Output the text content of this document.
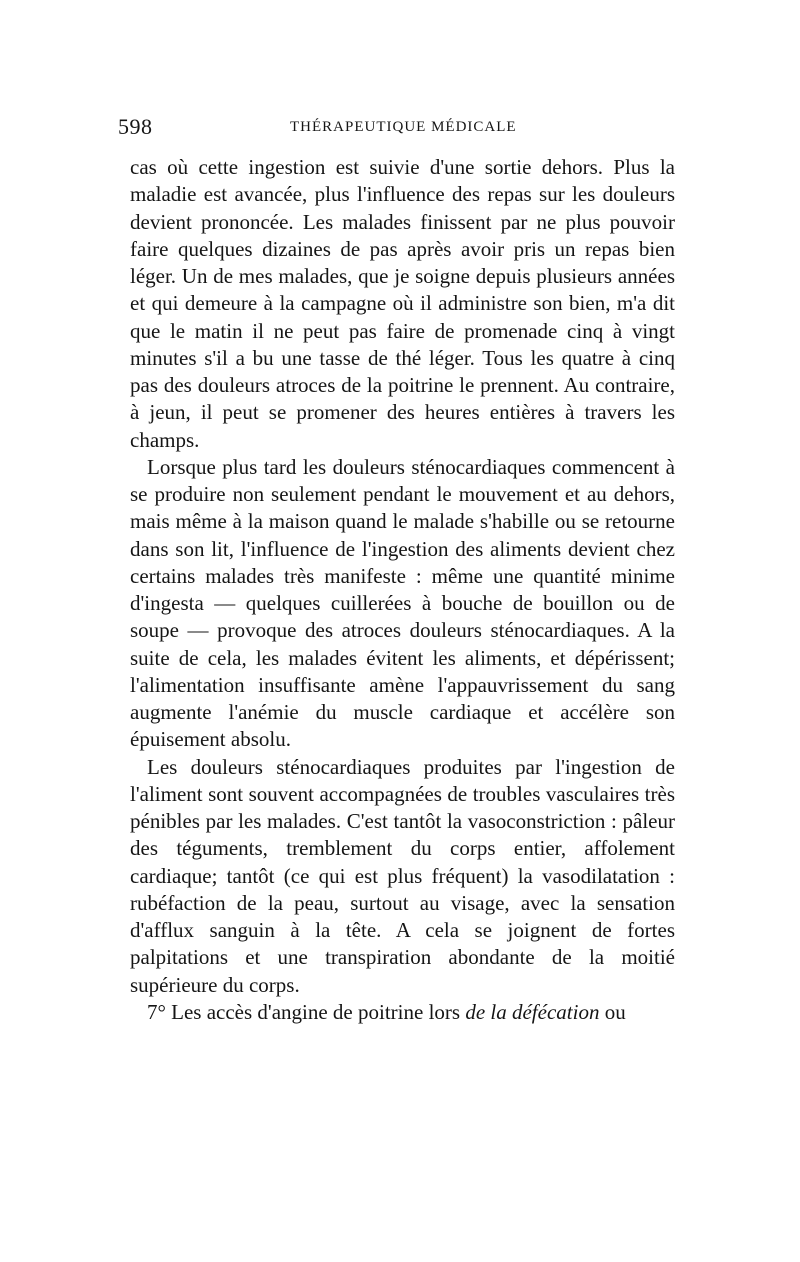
598	THÉRAPEUTIQUE MÉDICALE

cas où cette ingestion est suivie d'une sortie dehors. Plus la maladie est avancée, plus l'influence des repas sur les douleurs devient prononcée. Les malades finissent par ne plus pouvoir faire quelques dizaines de pas après avoir pris un repas bien léger. Un de mes malades, que je soigne depuis plusieurs années et qui demeure à la campagne où il administre son bien, m'a dit que le matin il ne peut pas faire de promenade cinq à vingt minutes s'il a bu une tasse de thé léger. Tous les quatre à cinq pas des douleurs atroces de la poitrine le prennent. Au contraire, à jeun, il peut se promener des heures entières à travers les champs.

Lorsque plus tard les douleurs sténocardiaques commencent à se produire non seulement pendant le mouvement et au dehors, mais même à la maison quand le malade s'habille ou se retourne dans son lit, l'influence de l'ingestion des aliments devient chez certains malades très manifeste : même une quantité minime d'ingesta — quelques cuillerées à bouche de bouillon ou de soupe — provoque des atroces douleurs sténocardiaques. A la suite de cela, les malades évitent les aliments, et dépérissent; l'alimentation insuffisante amène l'appauvrissement du sang augmente l'anémie du muscle cardiaque et accélère son épuisement absolu.

Les douleurs sténocardiaques produites par l'ingestion de l'aliment sont souvent accompagnées de troubles vasculaires très pénibles par les malades. C'est tantôt la vasoconstriction : pâleur des téguments, tremblement du corps entier, affolement cardiaque; tantôt (ce qui est plus fréquent) la vasodilatation : rubéfaction de la peau, surtout au visage, avec la sensation d'afflux sanguin à la tête. A cela se joignent de fortes palpitations et une transpiration abondante de la moitié supérieure du corps.

7° Les accès d'angine de poitrine lors de la défécation ou
